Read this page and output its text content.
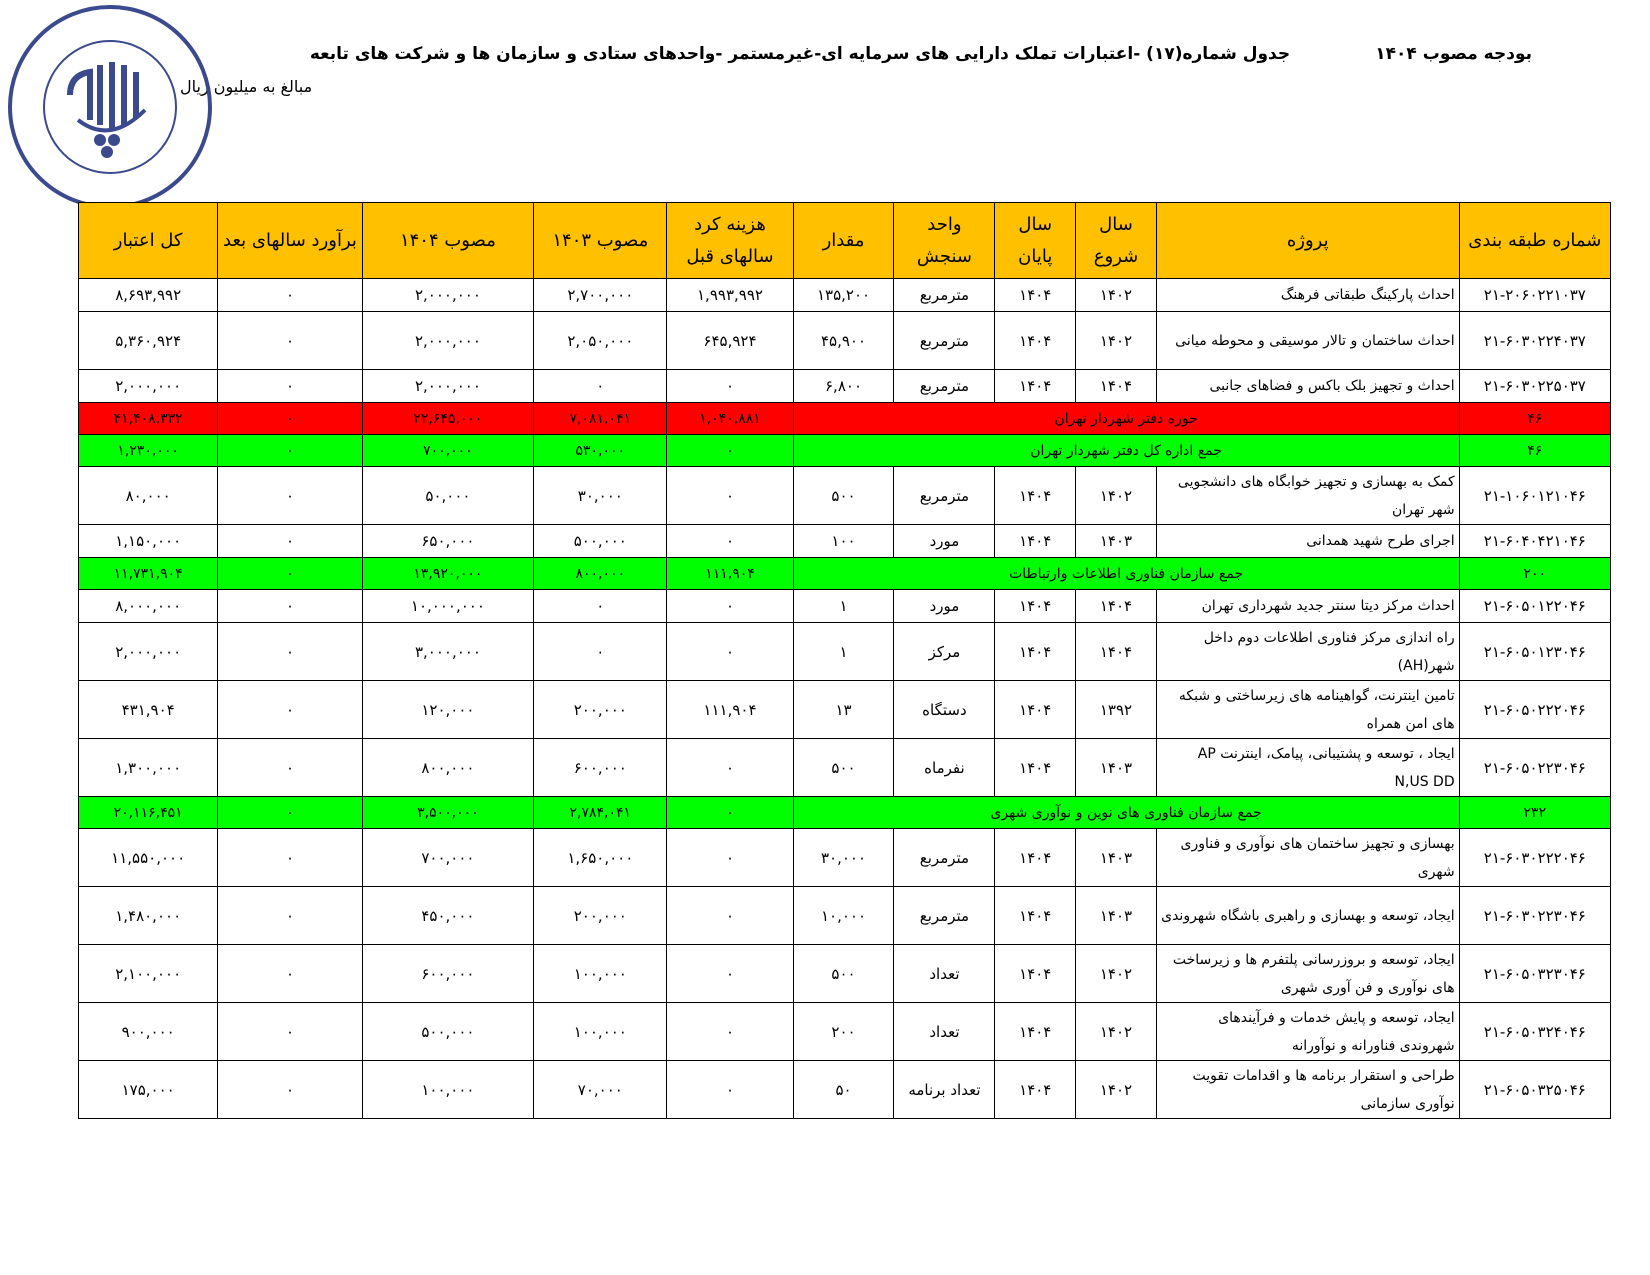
بودجه مصوب ۱۴۰۴
جدول شماره(۱۷) -اعتبارات تملک دارایی های سرمایه ای-غیرمستمر -واحدهای ستادی و سازمان ها و شرکت های تابعه
مبالغ به میلیون ریال
شماره طبقه بندی	پروژه	سال شروع	سال پایان	واحد سنجش	مقدار	هزینه کرد سالهای قبل	مصوب ۱۴۰۳	مصوب ۱۴۰۴	برآورد سالهای بعد	کل اعتبار
۲۱-۲۰۶۰۲۲۱۰۳۷	احداث پارکینگ طبقاتی فرهنگ	۱۴۰۲	۱۴۰۴	مترمربع	۱۳۵,۲۰۰	۱,۹۹۳,۹۹۲	۲,۷۰۰,۰۰۰	۲,۰۰۰,۰۰۰	۰	۸,۶۹۳,۹۹۲
۲۱-۶۰۳۰۲۲۴۰۳۷	احداث ساختمان و تالار موسیقی و محوطه میانی	۱۴۰۲	۱۴۰۴	مترمربع	۴۵,۹۰۰	۶۴۵,۹۲۴	۲,۰۵۰,۰۰۰	۲,۰۰۰,۰۰۰	۰	۵,۳۶۰,۹۲۴
۲۱-۶۰۳۰۲۲۵۰۳۷	احداث و تجهیز بلک باکس و فضاهای جانبی	۱۴۰۴	۱۴۰۴	مترمربع	۶,۸۰۰	۰	۰	۲,۰۰۰,۰۰۰	۰	۲,۰۰۰,۰۰۰
۴۶	حوزه دفتر شهردار تهران					۱,۰۴۰,۸۸۱	۷,۰۸۱,۰۴۱	۲۲,۶۴۵,۰۰۰	۰	۴۱,۴۰۸,۳۳۲
۴۶	جمع اداره کل دفتر شهردار تهران					۰	۵۳۰,۰۰۰	۷۰۰,۰۰۰	۰	۱,۲۳۰,۰۰۰
۲۱-۱۰۶۰۱۲۱۰۴۶	کمک به بهسازی و تجهیز خوابگاه های دانشجویی شهر تهران	۱۴۰۲	۱۴۰۴	مترمربع	۵۰۰	۰	۳۰,۰۰۰	۵۰,۰۰۰	۰	۸۰,۰۰۰
۲۱-۶۰۴۰۴۲۱۰۴۶	اجرای طرح شهید همدانی	۱۴۰۳	۱۴۰۴	مورد	۱۰۰	۰	۵۰۰,۰۰۰	۶۵۰,۰۰۰	۰	۱,۱۵۰,۰۰۰
۲۰۰	جمع سازمان فناوری اطلاعات وارتباطات					۱۱۱,۹۰۴	۸۰۰,۰۰۰	۱۳,۹۲۰,۰۰۰	۰	۱۱,۷۳۱,۹۰۴
۲۱-۶۰۵۰۱۲۲۰۴۶	احداث مرکز دیتا سنتر جدید شهرداری تهران	۱۴۰۴	۱۴۰۴	مورد	۱	۰	۰	۱۰,۰۰۰,۰۰۰	۰	۸,۰۰۰,۰۰۰
۲۱-۶۰۵۰۱۲۳۰۴۶	راه اندازی مرکز فناوری اطلاعات دوم داخل شهر(AH)	۱۴۰۴	۱۴۰۴	مرکز	۱	۰	۰	۳,۰۰۰,۰۰۰	۰	۲,۰۰۰,۰۰۰
۲۱-۶۰۵۰۲۲۲۰۴۶	تامین اینترنت، گواهینامه های زیرساختی و شبکه های امن همراه	۱۳۹۲	۱۴۰۴	دستگاه	۱۳	۱۱۱,۹۰۴	۲۰۰,۰۰۰	۱۲۰,۰۰۰	۰	۴۳۱,۹۰۴
۲۱-۶۰۵۰۲۲۳۰۴۶	ایجاد ، توسعه و پشتیبانی، پیامک، اینترنت AP N,US DD	۱۴۰۳	۱۴۰۴	نفرماه	۵۰۰	۰	۶۰۰,۰۰۰	۸۰۰,۰۰۰	۰	۱,۳۰۰,۰۰۰
۲۳۲	جمع سازمان فناوری های نوین و نوآوری شهری					۰	۲,۷۸۴,۰۴۱	۳,۵۰۰,۰۰۰	۰	۲۰,۱۱۶,۴۵۱
۲۱-۶۰۳۰۲۲۲۰۴۶	بهسازی و تجهیز ساختمان های نوآوری و فناوری شهری	۱۴۰۳	۱۴۰۴	مترمربع	۳۰,۰۰۰	۰	۱,۶۵۰,۰۰۰	۷۰۰,۰۰۰	۰	۱۱,۵۵۰,۰۰۰
۲۱-۶۰۳۰۲۲۳۰۴۶	ایجاد، توسعه و بهسازی و راهبری باشگاه شهروندی	۱۴۰۳	۱۴۰۴	مترمربع	۱۰,۰۰۰	۰	۲۰۰,۰۰۰	۴۵۰,۰۰۰	۰	۱,۴۸۰,۰۰۰
۲۱-۶۰۵۰۳۲۳۰۴۶	ایجاد، توسعه و بروزرسانی پلتفرم ها و زیرساخت های نوآوری و فن آوری شهری	۱۴۰۲	۱۴۰۴	تعداد	۵۰۰	۰	۱۰۰,۰۰۰	۶۰۰,۰۰۰	۰	۲,۱۰۰,۰۰۰
۲۱-۶۰۵۰۳۲۴۰۴۶	ایجاد، توسعه و پایش خدمات و فرآیندهای شهروندی فناورانه و نوآورانه	۱۴۰۲	۱۴۰۴	تعداد	۲۰۰	۰	۱۰۰,۰۰۰	۵۰۰,۰۰۰	۰	۹۰۰,۰۰۰
۲۱-۶۰۵۰۳۲۵۰۴۶	طراحی و استقرار برنامه ها و اقدامات تقویت نوآوری سازمانی	۱۴۰۲	۱۴۰۴	تعداد برنامه	۵۰	۰	۷۰,۰۰۰	۱۰۰,۰۰۰	۰	۱۷۵,۰۰۰
